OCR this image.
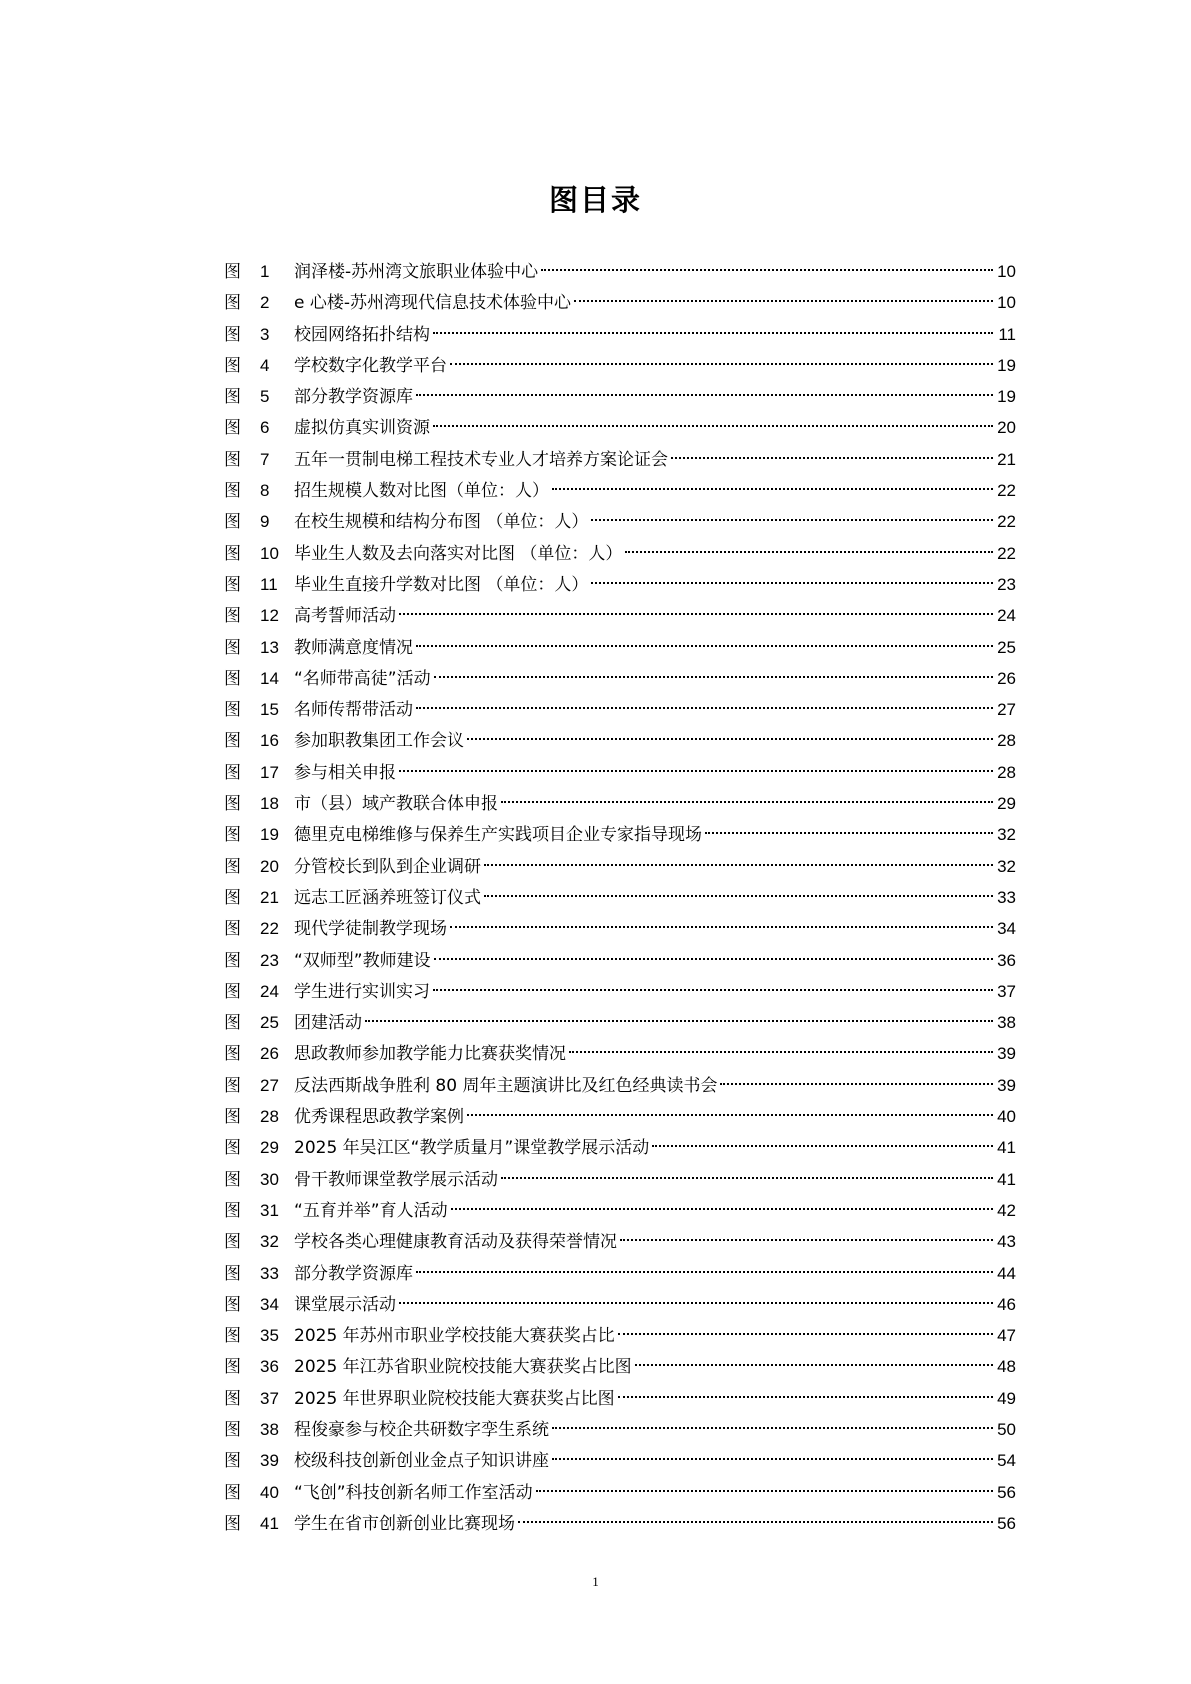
图目录
图	1	润泽楼-苏州湾文旅职业体验中心	10
图	2	e 心楼-苏州湾现代信息技术体验中心	10
图	3	校园网络拓扑结构	11
图	4	学校数字化教学平台	19
图	5	部分教学资源库	19
图	6	虚拟仿真实训资源	20
图	7	五年一贯制电梯工程技术专业人才培养方案论证会	21
图	8	招生规模人数对比图（单位：人）	22
图	9	在校生规模和结构分布图 （单位：人）	22
图	10 毕业生人数及去向落实对比图 （单位：人）	22
图	11 毕业生直接升学数对比图 （单位：人）	23
图	12 高考誓师活动	24
图	13 教师满意度情况	25
图	14 “名师带高徒”活动	26
图	15 名师传帮带活动	27
图	16 参加职教集团工作会议	28
图	17 参与相关申报	28
图	18 市（县）域产教联合体申报	29
图	19 德里克电梯维修与保养生产实践项目企业专家指导现场	32
图	20 分管校长到队到企业调研	32
图	21 远志工匠涵养班签订仪式	33
图	22 现代学徒制教学现场	34
图	23 “双师型”教师建设	36
图	24 学生进行实训实习	37
图	25 团建活动	38
图	26 思政教师参加教学能力比赛获奖情况	39
图	27 反法西斯战争胜利 80 周年主题演讲比及红色经典读书会	39
图	28 优秀课程思政教学案例	40
图	29 2025 年吴江区“教学质量月”课堂教学展示活动	41
图	30 骨干教师课堂教学展示活动	41
图	31 “五育并举”育人活动	42
图	32 学校各类心理健康教育活动及获得荣誉情况	43
图	33 部分教学资源库	44
图	34 课堂展示活动	46
图	35 2025 年苏州市职业学校技能大赛获奖占比	47
图	36 2025 年江苏省职业院校技能大赛获奖占比图	48
图	37 2025 年世界职业院校技能大赛获奖占比图	49
图	38 程俊豪参与校企共研数字孪生系统	50
图	39 校级科技创新创业金点子知识讲座	54
图	40 “飞创”科技创新名师工作室活动	56
图	41 学生在省市创新创业比赛现场	56
1
